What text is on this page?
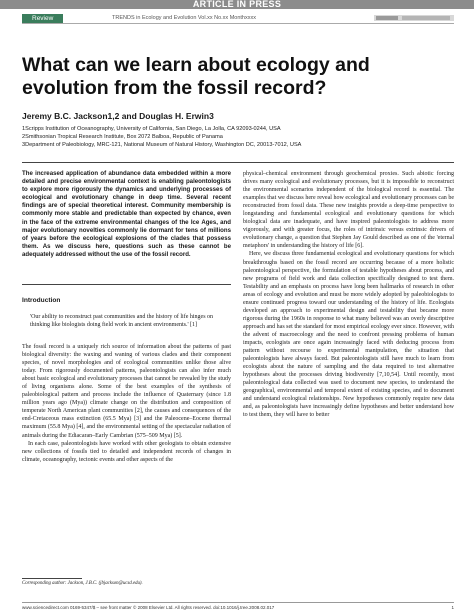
ARTICLE IN PRESS
Review	TRENDS in Ecology and Evolution Vol.xx No.xx Monthxxxx
What can we learn about ecology and evolution from the fossil record?
Jeremy B.C. Jackson1,2 and Douglas H. Erwin3
1Scripps Institution of Oceanography, University of California, San Diego, La Jolla, CA 92093-0244, USA
2Smithsonian Tropical Research Institute, Box 2072 Balboa, Republic of Panama
3Department of Paleobiology, MRC-121, National Museum of Natural History, Washington DC, 20013-7012, USA
The increased application of abundance data embedded within a more detailed and precise environmental context is enabling paleontologists to explore more rigorously the dynamics and underlying processes of ecological and evolutionary change in deep time. Several recent findings are of special theoretical interest. Community membership is commonly more stable and predictable than expected by chance, even in the face of the extreme environmental changes of the Ice Ages, and major evolutionary novelties commonly lie dormant for tens of millions of years before the ecological explosions of the clades that possess them. As we discuss here, questions such as these cannot be adequately addressed without the use of the fossil record.
Introduction
'Our ability to reconstruct past communities and the history of life hinges on thinking like biologists doing field work in ancient environments.' [1]

The fossil record is a uniquely rich source of information about the patterns of past biological diversity: the waxing and waning of various clades and their component species, of novel morphologies and of ecological communities unlike those alive today. From rigorously documented patterns, paleontologists can also infer much about basic ecological and evolutionary processes that cannot be revealed by the study of living organisms alone. Some of the best examples of the synthesis of paleobiological pattern and process include the influence of Quaternary (since 1.8 million years ago (Mya)) climate change on the distribution and composition of temperate North American plant communities [2], the causes and consequences of the end-Cretaceous mass extinction (65.5 Mya) [3] and the Paleocene–Eocene thermal maximum (55.8 Mya) [4], and the environmental setting of the spectacular radiation of animals during the Ediacaran–Early Cambrian (575–509 Mya) [5].

In each case, paleontologists have worked with other geologists to obtain extensive new collections of fossils tied to detailed and independent records of changes in climate, oceanography, tectonic events and other aspects of the

physical–chemical environment through geochemical proxies. Such abiotic forcing drives many ecological and evolutionary processes, but it is impossible to reconstruct the environmental scenarios independent of the biological record is essential. The examples that we discuss here reveal how ecological and evolutionary processes can be reconstructed from fossil data. These new insights provide a deep-time perspective to longstanding and fundamental ecological and evolutionary questions for which biological data are inadequate, and have inspired paleontologists to address more vigorously, and with greater focus, the roles of intrinsic versus extrinsic drivers of evolutionary change, a question that Stephen Jay Gould described as one of the 'eternal metaphors' in understanding the history of life [6].

Here, we discuss three fundamental ecological and evolutionary questions for which breakthroughs based on the fossil record are occurring because of a more holistic paleontological perspective, the formulation of testable hypotheses about process, and new programs of field work and data collection specifically designed to test them. Testability and an emphasis on process have long been hallmarks of research in other areas of ecology and evolution and must be more widely adopted by paleobiologists to ensure continued progress toward our understanding of the history of life. Ecologists developed an approach to experimental design and testability that became more rigorous during the 1960s in response to what many believed was an overly descriptive approach and has set the standard for most empirical ecology ever since. However, with the advent of macroecology and the need to confront pressing problems of human impacts, ecologists are once again increasingly faced with deducing process from pattern without recourse to experimental manipulation, the situation that paleontologists have always faced. But paleontologists still have much to learn from ecologists about the nature of sampling and the data required to test alternative hypotheses about the processes driving biodiversity [7,10,54]. Until recently, most paleontological data collected was used to document new species, to understand the geographical, environmental and temporal extent of existing species, and to document and understand ecological relationships. New hypotheses commonly require new data and, as paleontologists have increasingly define hypotheses and better understand how to test them, they will have to better

Corresponding author: Jackson, J.B.C. (jbjackson@ucsd.edu).
www.sciencedirect.com 0169-5347/$ – see front matter © 2008 Elsevier Ltd. All rights reserved. doi:10.1016/j.tree.2008.02.017	1
